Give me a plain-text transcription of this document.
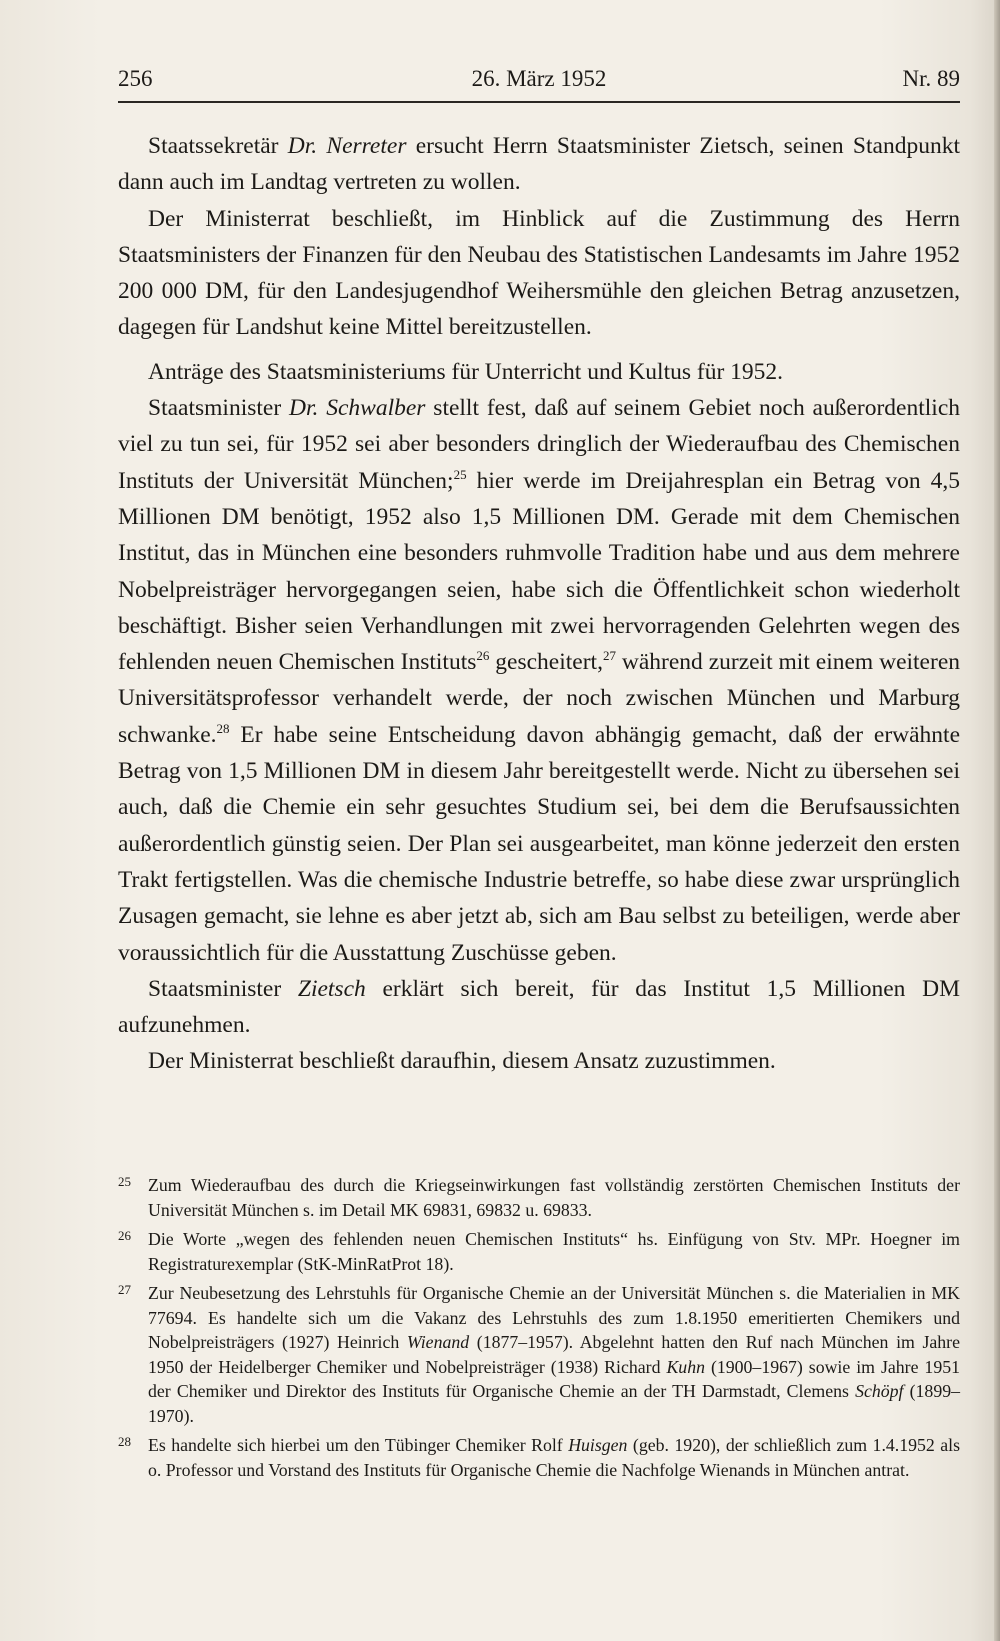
256	26. März 1952	Nr. 89

Staatssekretär Dr. Nerreter ersucht Herrn Staatsminister Zietsch, seinen Standpunkt dann auch im Landtag vertreten zu wollen.

Der Ministerrat beschließt, im Hinblick auf die Zustimmung des Herrn Staatsministers der Finanzen für den Neubau des Statistischen Landesamts im Jahre 1952 200 000 DM, für den Landesjugendhof Weihersmühle den gleichen Betrag anzusetzen, dagegen für Landshut keine Mittel bereitzustellen.

Anträge des Staatsministeriums für Unterricht und Kultus für 1952.

Staatsminister Dr. Schwalber stellt fest, daß auf seinem Gebiet noch außerordentlich viel zu tun sei, für 1952 sei aber besonders dringlich der Wiederaufbau des Chemischen Instituts der Universität München;$^{25}$ hier werde im Dreijahresplan ein Betrag von 4,5 Millionen DM benötigt, 1952 also 1,5 Millionen DM. Gerade mit dem Chemischen Institut, das in München eine besonders ruhmvolle Tradition habe und aus dem mehrere Nobelpreisträger hervorgegangen seien, habe sich die Öffentlichkeit schon wiederholt beschäftigt. Bisher seien Verhandlungen mit zwei hervorragenden Gelehrten wegen des fehlenden neuen Chemischen Instituts$^{26}$ gescheitert,$^{27}$ während zurzeit mit einem weiteren Universitätsprofessor verhandelt werde, der noch zwischen München und Marburg schwanke.$^{28}$ Er habe seine Entscheidung davon abhängig gemacht, daß der erwähnte Betrag von 1,5 Millionen DM in diesem Jahr bereitgestellt werde. Nicht zu übersehen sei auch, daß die Chemie ein sehr gesuchtes Studium sei, bei dem die Berufsaussichten außerordentlich günstig seien. Der Plan sei ausgearbeitet, man könne jederzeit den ersten Trakt fertigstellen. Was die chemische Industrie betreffe, so habe diese zwar ursprünglich Zusagen gemacht, sie lehne es aber jetzt ab, sich am Bau selbst zu beteiligen, werde aber voraussichtlich für die Ausstattung Zuschüsse geben.

Staatsminister Zietsch erklärt sich bereit, für das Institut 1,5 Millionen DM aufzunehmen.

Der Ministerrat beschließt daraufhin, diesem Ansatz zuzustimmen.

25 Zum Wiederaufbau des durch die Kriegseinwirkungen fast vollständig zerstörten Chemischen Instituts der Universität München s. im Detail MK 69831, 69832 u. 69833.
26 Die Worte „wegen des fehlenden neuen Chemischen Instituts“ hs. Einfügung von Stv. MPr. Hoegner im Registraturexemplar (StK-MinRatProt 18).
27 Zur Neubesetzung des Lehrstuhls für Organische Chemie an der Universität München s. die Materialien in MK 77694. Es handelte sich um die Vakanz des Lehrstuhls des zum 1.8.1950 emeritierten Chemikers und Nobelpreisträgers (1927) Heinrich Wienand (1877–1957). Abgelehnt hatten den Ruf nach München im Jahre 1950 der Heidelberger Chemiker und Nobelpreisträger (1938) Richard Kuhn (1900–1967) sowie im Jahre 1951 der Chemiker und Direktor des Instituts für Organische Chemie an der TH Darmstadt, Clemens Schöpf (1899–1970).
28 Es handelte sich hierbei um den Tübinger Chemiker Rolf Huisgen (geb. 1920), der schließlich zum 1.4.1952 als o. Professor und Vorstand des Instituts für Organische Chemie die Nachfolge Wienands in München antrat.
